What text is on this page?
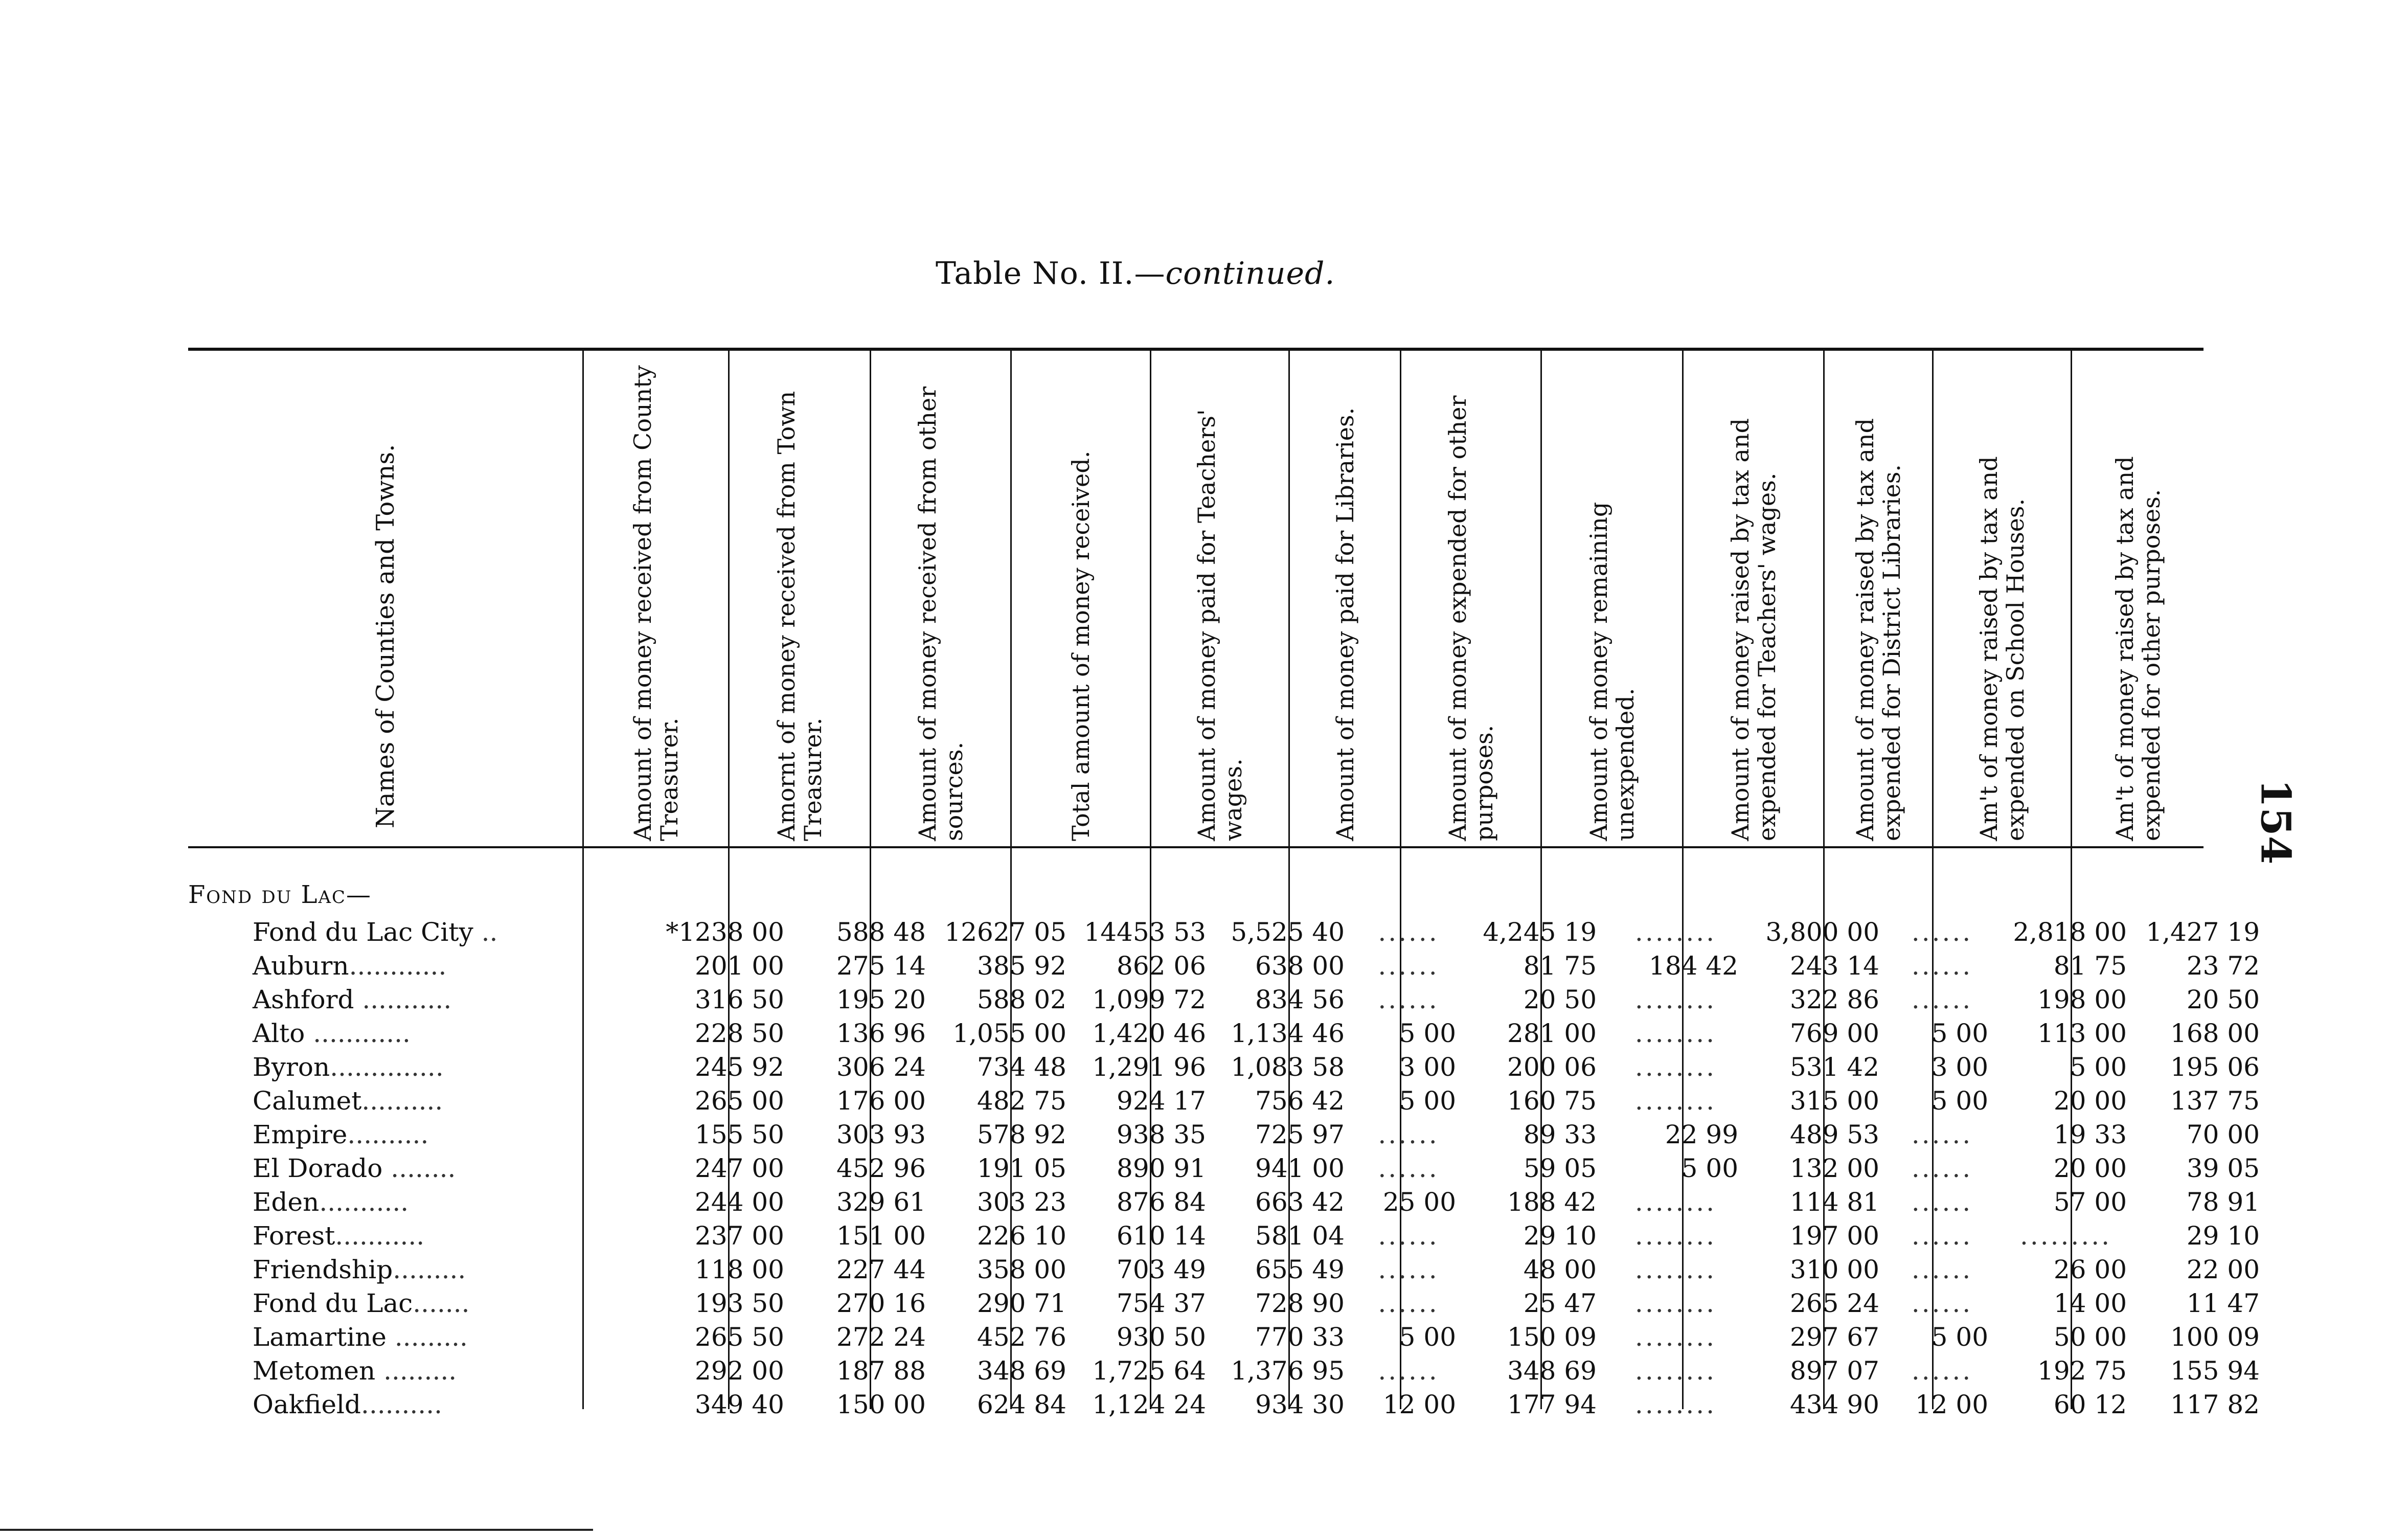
Table No. II.—continued.
Names of Counties and Towns.	Amount of money received from County Treasurer.	Amornt of money received from Town Treasurer.	Amount of money received from other sources.	Total amount of money received.	Amount of money paid for Teachers' wages.	Amount of money paid for Libraries.	Amount of money expended for other purposes.	Amount of money remaining unexpended.	Amount of money raised by tax and expended for Teachers' wages.	Amount of money raised by tax and expended for District Libraries.	Am't of money raised by tax and expended on School Houses.	Am't of money raised by tax and expended for other purposes. 154
Fond du Lac—
Fond du Lac City ..	*1238 00	588 48	12627 05	14453 53	5,525 40	......	4,245 19	........	3,800 00	......	2,818 00	1,427 19
Auburn............	201 00	275 14	385 92	862 06	638 00	......	81 75	184 42	243 14	......	81 75	23 72
Ashford ...........	316 50	195 20	588 02	1,099 72	834 56	......	20 50	........	322 86	......	198 00	20 50
Alto ............	228 50	136 96	1,055 00	1,420 46	1,134 46	5 00	281 00	........	769 00	5 00	113 00	168 00
Byron..............	245 92	306 24	734 48	1,291 96	1,083 58	3 00	200 06	........	531 42	3 00	5 00	195 06
Calumet..........	265 00	176 00	482 75	924 17	756 42	5 00	160 75	........	315 00	5 00	20 00	137 75
Empire..........	155 50	303 93	578 92	938 35	725 97	......	89 33	22 99	489 53	......	19 33	70 00
El Dorado ........	247 00	452 96	191 05	890 91	941 00	......	59 05	5 00	132 00	......	20 00	39 05
Eden...........	244 00	329 61	303 23	876 84	663 42	25 00	188 42	........	114 81	......	57 00	78 91
Forest...........	237 00	151 00	226 10	610 14	581 04	......	29 10	........	197 00	......	.........	29 10
Friendship.........	118 00	227 44	358 00	703 49	655 49	......	48 00	........	310 00	......	26 00	22 00
Fond du Lac.......	193 50	270 16	290 71	754 37	728 90	......	25 47	........	265 24	......	14 00	11 47
Lamartine .........	265 50	272 24	452 76	930 50	770 33	5 00	150 09	........	297 67	5 00	50 00	100 09
Metomen .........	292 00	187 88	348 69	1,725 64	1,376 95	......	348 69	........	897 07	......	192 75	155 94
Oakfield..........	349 40	150 00	624 84	1,124 24	934 30	12 00	177 94	........	434 90	12 00	60 12	117 82
